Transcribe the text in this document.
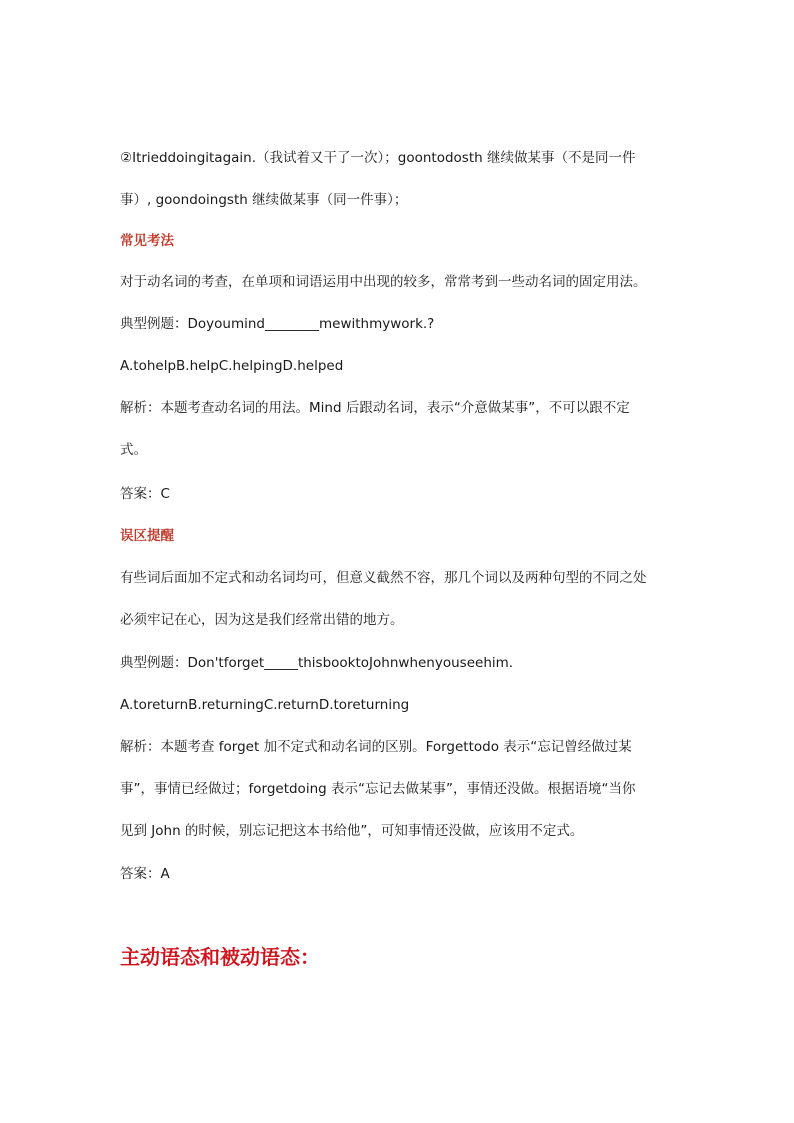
②Itrieddoingitagain.（我试着又干了一次）；goontodosth 继续做某事（不是同一件
事）, goondoingsth 继续做某事（同一件事）；
常见考法
对于动名词的考查，在单项和词语运用中出现的较多，常常考到一些动名词的固定用法。
典型例题：Doyoumind________mewithmywork.?
A.tohelpB.helpC.helpingD.helped
解析：本题考查动名词的用法。Mind 后跟动名词，表示“介意做某事”，不可以跟不定
式。
答案：C
误区提醒
有些词后面加不定式和动名词均可，但意义截然不容，那几个词以及两种句型的不同之处
必须牢记在心，因为这是我们经常出错的地方。
典型例题：Don'tforget_____thisbooktoJohnwhenyouseehim.
A.toreturnB.returningC.returnD.toreturning
解析：本题考查 forget 加不定式和动名词的区别。Forgettodo 表示“忘记曾经做过某
事”，事情已经做过；forgetdoing 表示“忘记去做某事”，事情还没做。根据语境“当你
见到 John 的时候，别忘记把这本书给他”，可知事情还没做，应该用不定式。
答案：A
主动语态和被动语态：
